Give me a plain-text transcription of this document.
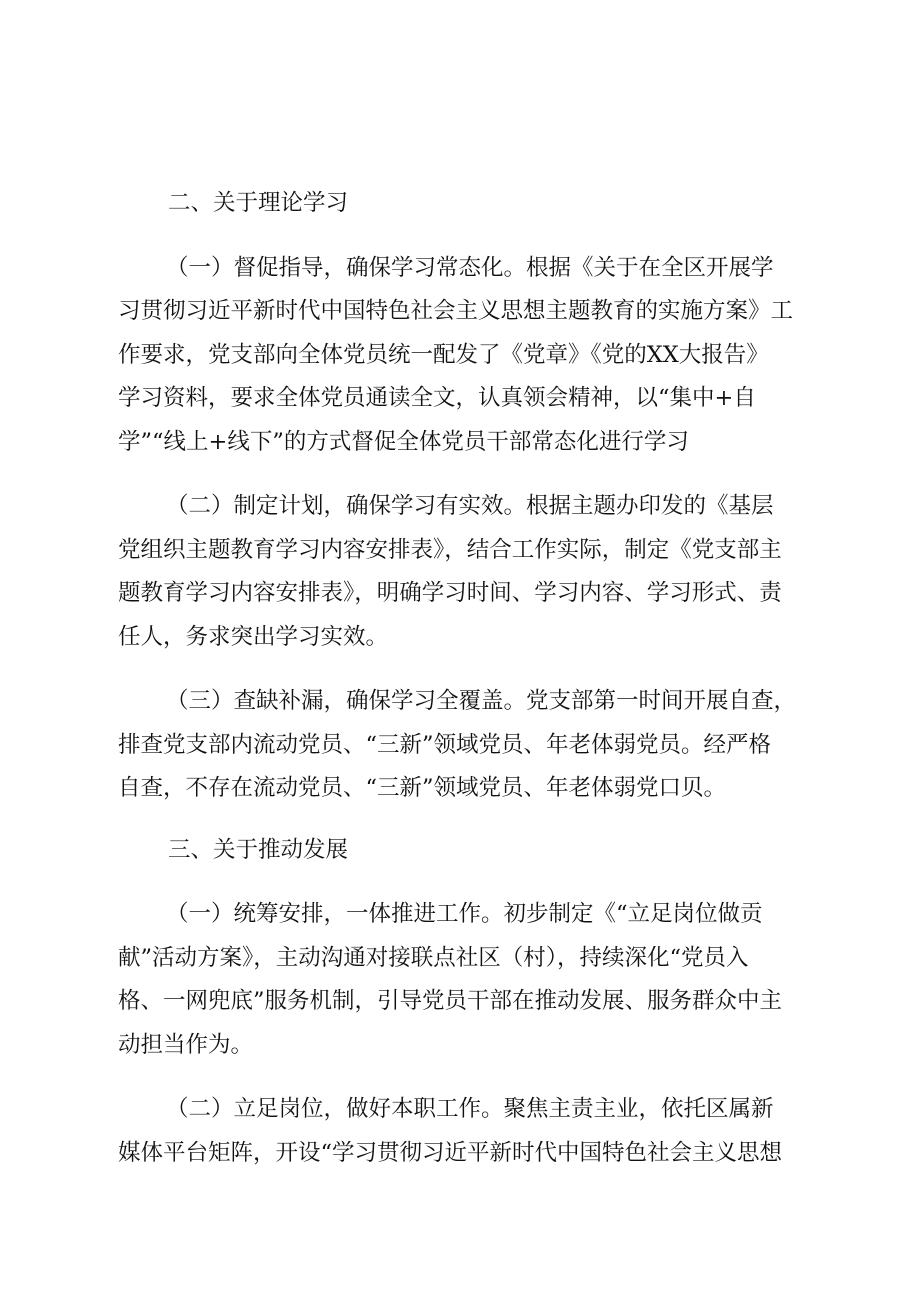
二、关于理论学习
（一）督促指导，确保学习常态化。根据《关于在全区开展学
习贯彻习近平新时代中国特色社会主义思想主题教育的实施方案》工
作要求，党支部向全体党员统一配发了《党章》《党的XX大报告》
学习资料，要求全体党员通读全文，认真领会精神，以“集中+自
学”“线上+线下”的方式督促全体党员干部常态化进行学习
（二）制定计划，确保学习有实效。根据主题办印发的《基层
党组织主题教育学习内容安排表》，结合工作实际，制定《党支部主
题教育学习内容安排表》，明确学习时间、学习内容、学习形式、责
任人，务求突出学习实效。
（三）查缺补漏，确保学习全覆盖。党支部第一时间开展自查，
排查党支部内流动党员、“三新”领域党员、年老体弱党员。经严格
自查，不存在流动党员、“三新”领域党员、年老体弱党口贝。
三、关于推动发展
（一）统筹安排，一体推进工作。初步制定《“立足岗位做贡
献”活动方案》，主动沟通对接联点社区（村），持续深化“党员入
格、一网兜底”服务机制，引导党员干部在推动发展、服务群众中主
动担当作为。
（二）立足岗位，做好本职工作。聚焦主责主业，依托区属新
媒体平台矩阵，开设“学习贯彻习近平新时代中国特色社会主义思想
